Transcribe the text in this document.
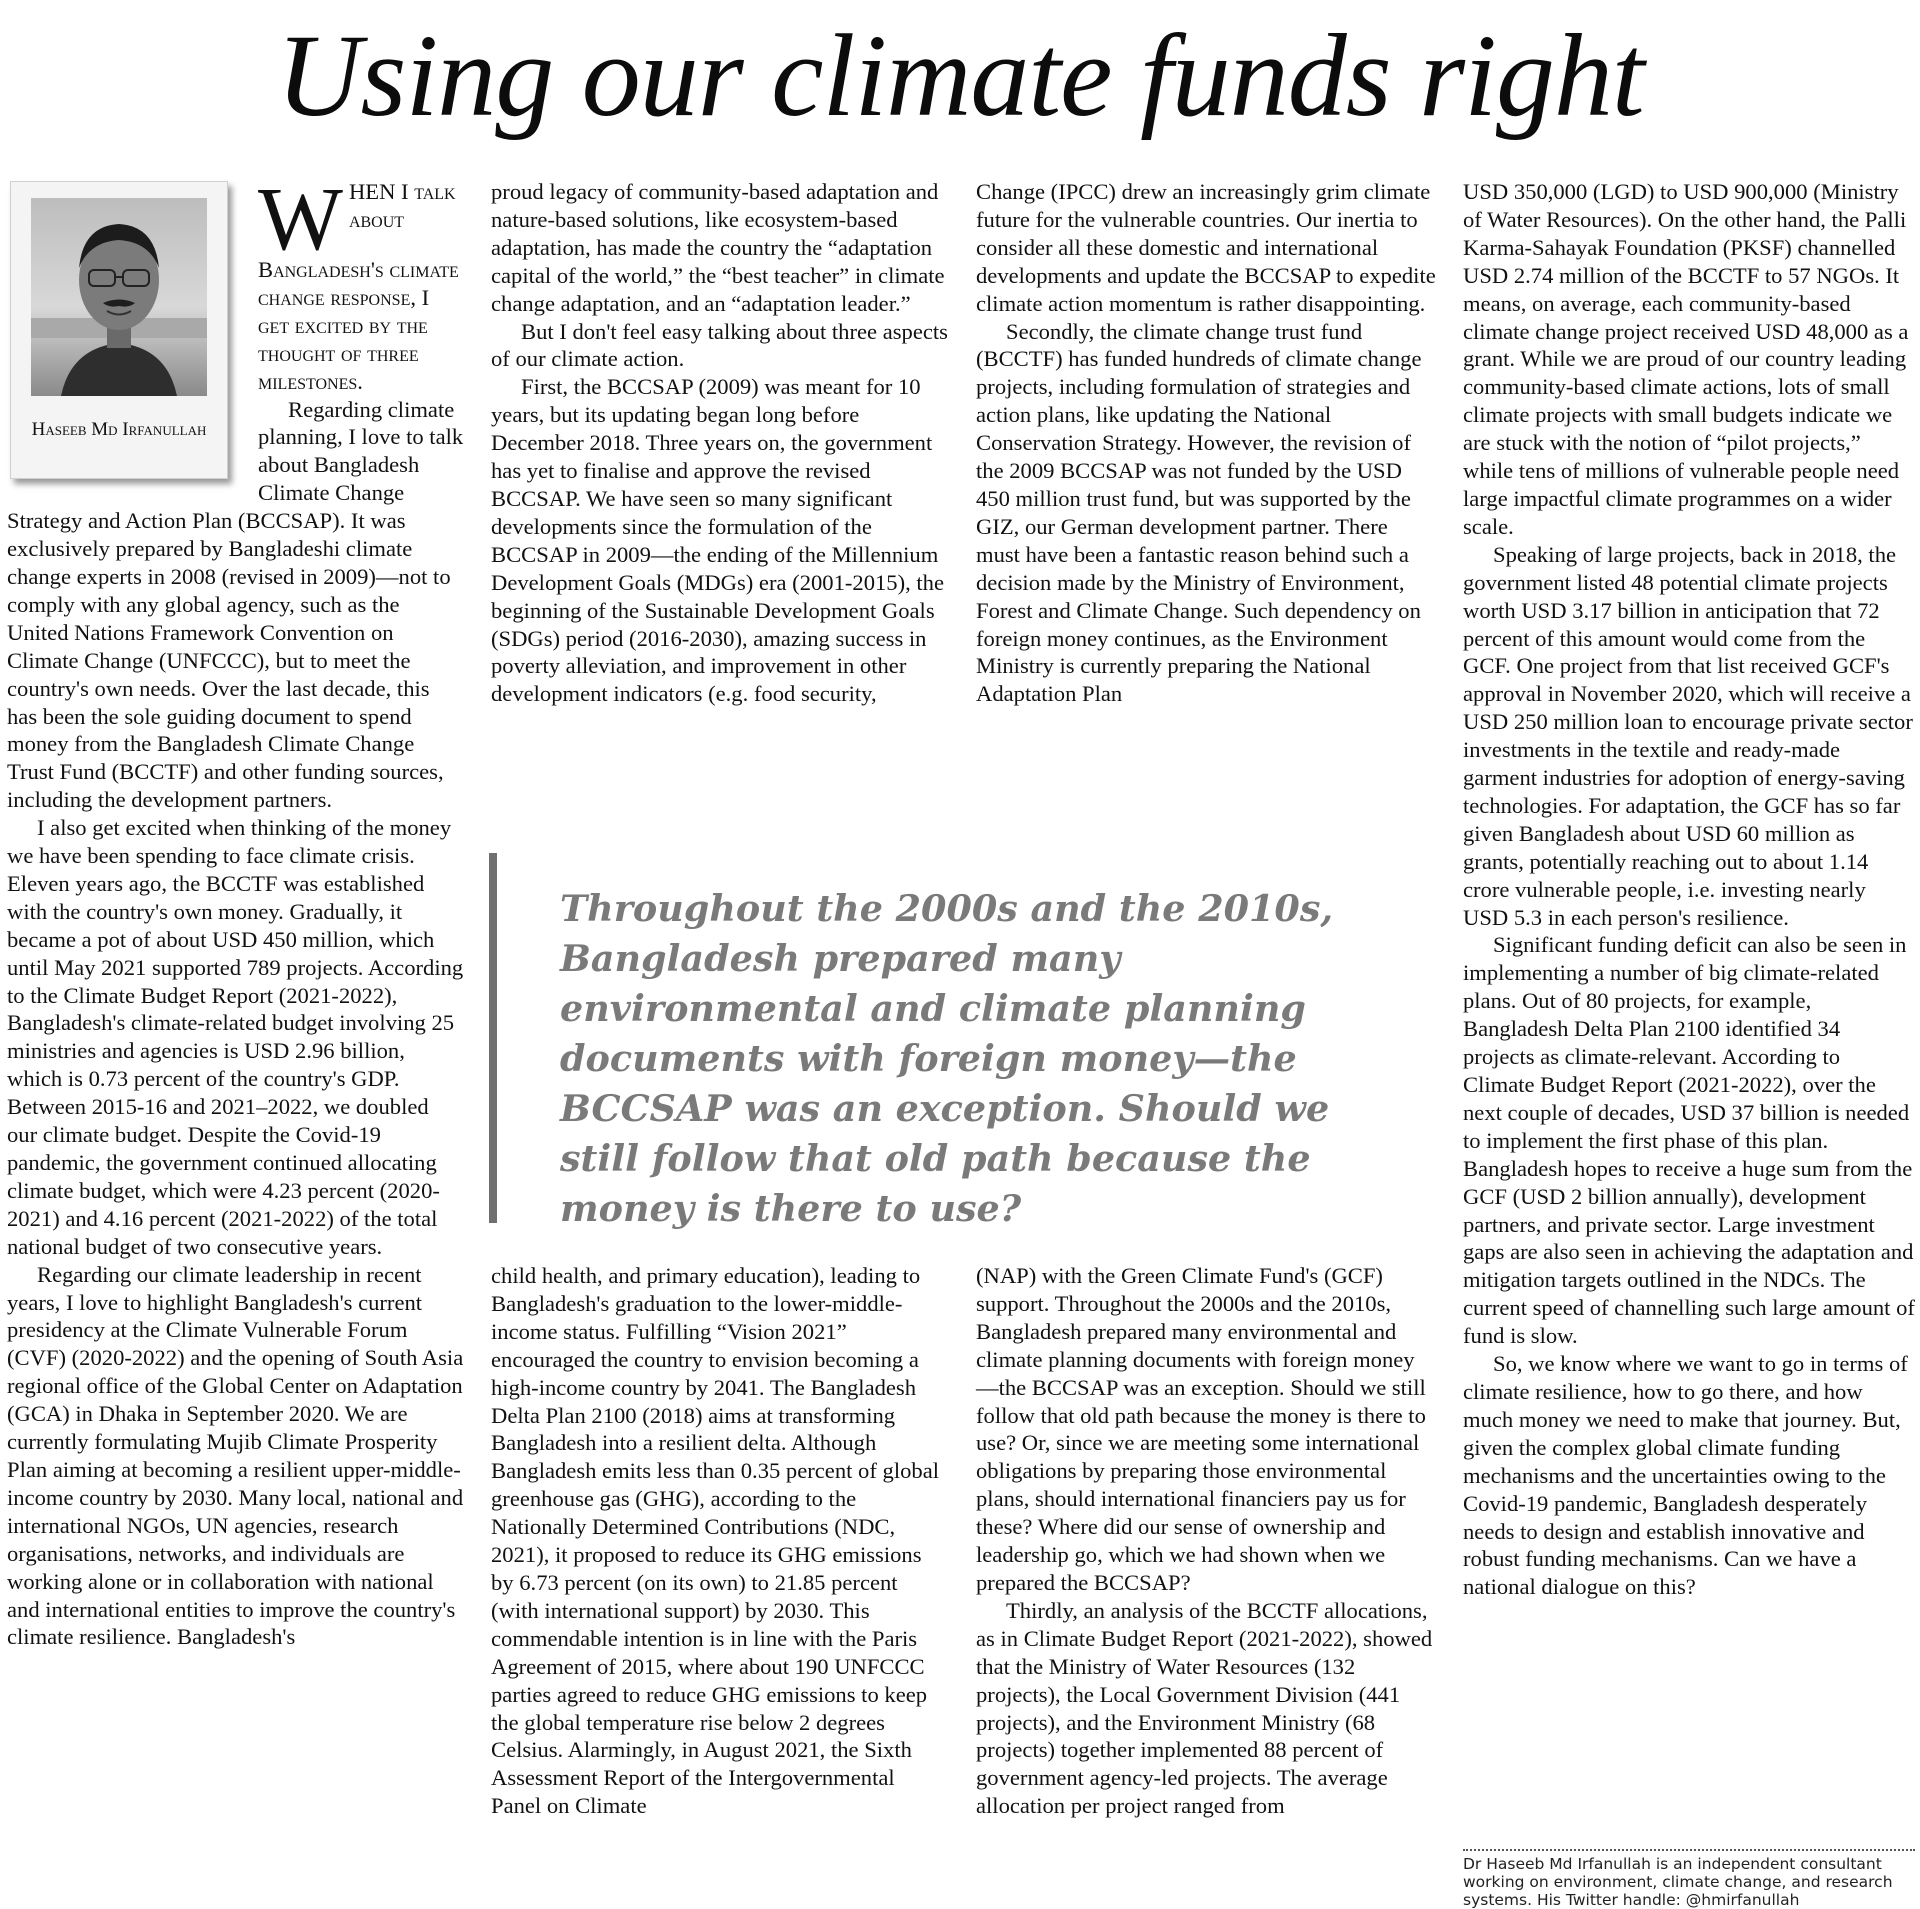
Using our climate funds right
Haseeb Md Irfanullah

WHEN I talk about Bangladesh's climate change response, I get excited by the thought of three milestones.

Regarding climate planning, I love to talk about Bangladesh Climate Change Strategy and Action Plan (BCCSAP). It was exclusively prepared by Bangladeshi climate change experts in 2008 (revised in 2009)—not to comply with any global agency, such as the United Nations Framework Convention on Climate Change (UNFCCC), but to meet the country's own needs. Over the last decade, this has been the sole guiding document to spend money from the Bangladesh Climate Change Trust Fund (BCCTF) and other funding sources, including the development partners.

I also get excited when thinking of the money we have been spending to face climate crisis. Eleven years ago, the BCCTF was established with the country's own money. Gradually, it became a pot of about USD 450 million, which until May 2021 supported 789 projects. According to the Climate Budget Report (2021-2022), Bangladesh's climate-related budget involving 25 ministries and agencies is USD 2.96 billion, which is 0.73 percent of the country's GDP. Between 2015-16 and 2021–2022, we doubled our climate budget. Despite the Covid-19 pandemic, the government continued allocating climate budget, which were 4.23 percent (2020-2021) and 4.16 percent (2021-2022) of the total national budget of two consecutive years.

Regarding our climate leadership in recent years, I love to highlight Bangladesh's current presidency at the Climate Vulnerable Forum (CVF) (2020-2022) and the opening of South Asia regional office of the Global Center on Adaptation (GCA) in Dhaka in September 2020. We are currently formulating Mujib Climate Prosperity Plan aiming at becoming a resilient upper-middle-income country by 2030. Many local, national and international NGOs, UN agencies, research organisations, networks, and individuals are working alone or in collaboration with national and international entities to improve the country's climate resilience. Bangladesh's

proud legacy of community-based adaptation and nature-based solutions, like ecosystem-based adaptation, has made the country the “adaptation capital of the world,” the “best teacher” in climate change adaptation, and an “adaptation leader.”

But I don't feel easy talking about three aspects of our climate action.

First, the BCCSAP (2009) was meant for 10 years, but its updating began long before December 2018. Three years on, the government has yet to finalise and approve the revised BCCSAP. We have seen so many significant developments since the formulation of the BCCSAP in 2009—the ending of the Millennium Development Goals (MDGs) era (2001-2015), the beginning of the Sustainable Development Goals (SDGs) period (2016-2030), amazing success in poverty alleviation, and improvement in other development indicators (e.g. food security,

Change (IPCC) drew an increasingly grim climate future for the vulnerable countries. Our inertia to consider all these domestic and international developments and update the BCCSAP to expedite climate action momentum is rather disappointing.

Secondly, the climate change trust fund (BCCTF) has funded hundreds of climate change projects, including formulation of strategies and action plans, like updating the National Conservation Strategy. However, the revision of the 2009 BCCSAP was not funded by the USD 450 million trust fund, but was supported by the GIZ, our German development partner. There must have been a fantastic reason behind such a decision made by the Ministry of Environment, Forest and Climate Change. Such dependency on foreign money continues, as the Environment Ministry is currently preparing the National Adaptation Plan

Throughout the 2000s and the 2010s, Bangladesh prepared many environmental and climate planning documents with foreign money—the BCCSAP was an exception. Should we still follow that old path because the money is there to use?

child health, and primary education), leading to Bangladesh's graduation to the lower-middle-income status. Fulfilling “Vision 2021” encouraged the country to envision becoming a high-income country by 2041. The Bangladesh Delta Plan 2100 (2018) aims at transforming Bangladesh into a resilient delta. Although Bangladesh emits less than 0.35 percent of global greenhouse gas (GHG), according to the Nationally Determined Contributions (NDC, 2021), it proposed to reduce its GHG emissions by 6.73 percent (on its own) to 21.85 percent (with international support) by 2030. This commendable intention is in line with the Paris Agreement of 2015, where about 190 UNFCCC parties agreed to reduce GHG emissions to keep the global temperature rise below 2 degrees Celsius. Alarmingly, in August 2021, the Sixth Assessment Report of the Intergovernmental Panel on Climate

(NAP) with the Green Climate Fund's (GCF) support. Throughout the 2000s and the 2010s, Bangladesh prepared many environmental and climate planning documents with foreign money—the BCCSAP was an exception. Should we still follow that old path because the money is there to use? Or, since we are meeting some international obligations by preparing those environmental plans, should international financiers pay us for these? Where did our sense of ownership and leadership go, which we had shown when we prepared the BCCSAP?

Thirdly, an analysis of the BCCTF allocations, as in Climate Budget Report (2021-2022), showed that the Ministry of Water Resources (132 projects), the Local Government Division (441 projects), and the Environment Ministry (68 projects) together implemented 88 percent of government agency-led projects. The average allocation per project ranged from

USD 350,000 (LGD) to USD 900,000 (Ministry of Water Resources). On the other hand, the Palli Karma-Sahayak Foundation (PKSF) channelled USD 2.74 million of the BCCTF to 57 NGOs. It means, on average, each community-based climate change project received USD 48,000 as a grant. While we are proud of our country leading community-based climate actions, lots of small climate projects with small budgets indicate we are stuck with the notion of “pilot projects,” while tens of millions of vulnerable people need large impactful climate programmes on a wider scale.

Speaking of large projects, back in 2018, the government listed 48 potential climate projects worth USD 3.17 billion in anticipation that 72 percent of this amount would come from the GCF. One project from that list received GCF's approval in November 2020, which will receive a USD 250 million loan to encourage private sector investments in the textile and ready-made garment industries for adoption of energy-saving technologies. For adaptation, the GCF has so far given Bangladesh about USD 60 million as grants, potentially reaching out to about 1.14 crore vulnerable people, i.e. investing nearly USD 5.3 in each person's resilience.

Significant funding deficit can also be seen in implementing a number of big climate-related plans. Out of 80 projects, for example, Bangladesh Delta Plan 2100 identified 34 projects as climate-relevant. According to Climate Budget Report (2021-2022), over the next couple of decades, USD 37 billion is needed to implement the first phase of this plan. Bangladesh hopes to receive a huge sum from the GCF (USD 2 billion annually), development partners, and private sector. Large investment gaps are also seen in achieving the adaptation and mitigation targets outlined in the NDCs. The current speed of channelling such large amount of fund is slow.

So, we know where we want to go in terms of climate resilience, how to go there, and how much money we need to make that journey. But, given the complex global climate funding mechanisms and the uncertainties owing to the Covid-19 pandemic, Bangladesh desperately needs to design and establish innovative and robust funding mechanisms. Can we have a national dialogue on this?

Dr Haseeb Md Irfanullah is an independent consultant working on environment, climate change, and research systems. His Twitter handle: @hmirfanullah
